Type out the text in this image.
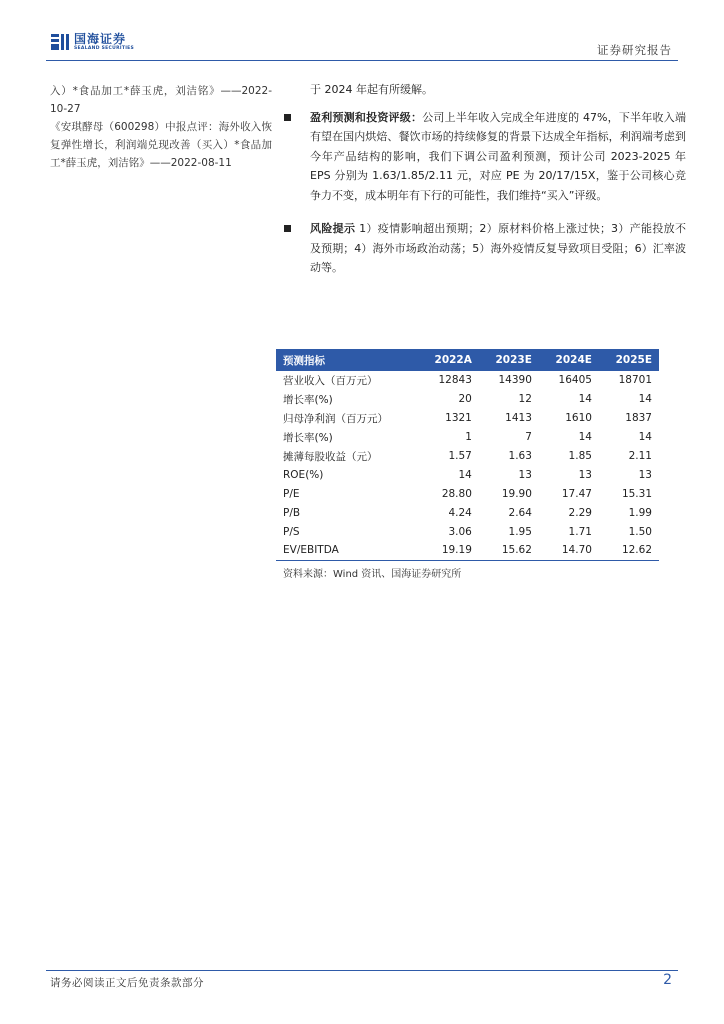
国海证券
SEALAND SECURITIES	证券研究报告

入）*食品加工*薛玉虎，刘洁铭》——2022-10-27

《安琪酵母（600298）中报点评：海外收入恢复弹性增长，利润端兑现改善（买入）*食品加工*薛玉虎，刘洁铭》——2022-08-11

于 2024 年起有所缓解。

盈利预测和投资评级：公司上半年收入完成全年进度的 47%，下半年收入端有望在国内烘焙、餐饮市场的持续修复的背景下达成全年指标，利润端考虑到今年产品结构的影响，我们下调公司盈利预测，预计公司 2023-2025 年 EPS 分别为 1.63/1.85/2.11 元，对应 PE 为 20/17/15X，鉴于公司核心竞争力不变，成本明年有下行的可能性，我们维持“买入”评级。
风险提示 1）疫情影响超出预期；2）原材料价格上涨过快；3）产能投放不及预期；4）海外市场政治动荡；5）海外疫情反复导致项目受阻；6）汇率波动等。
预测指标	2022A	2023E	2024E	2025E
营业收入（百万元）	12843	14390	16405	18701
增长率(%)	20	12	14	14
归母净利润（百万元）	1321	1413	1610	1837
增长率(%)	1	7	14	14
摊薄每股收益（元）	1.57	1.63	1.85	2.11
ROE(%)	14	13	13	13
P/E	28.80	19.90	17.47	15.31
P/B	4.24	2.64	2.29	1.99
P/S	3.06	1.95	1.71	1.50
EV/EBITDA	19.19	15.62	14.70	12.62
资料来源：Wind 资讯、国海证券研究所
请务必阅读正文后免责条款部分	2
